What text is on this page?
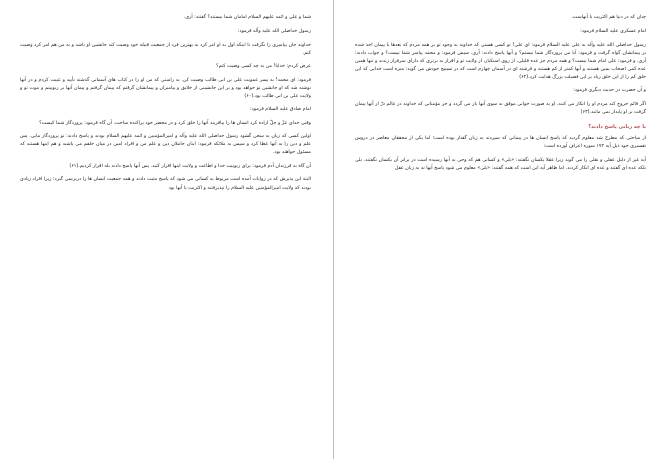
شما و علی و ائمه علیهم السلام امامان شما نیستند؟ گفتند: آری.

رسول خداصلی الله علیه وآله فرمود:

خداوند جان پیامبری را نگرفت تا اینکه اول به او امر کرد به بهترین فرد از جمعیت قبیله خود وصیت کند جانشین او باشد و به من هم امر کرد وصیت کنم.

عرض کردم: خدایا! من به چه کسی وصیت کنم؟

فرمود: ای محمد! به پسر عمویت علی بن ابی طالب وصیت کن. به راستی که من او را در کتاب های آسمانی گذشته تأیید و تثبیت کردم و در آنها نوشته شد که او جانشین تو خواهد بود و بر این جانشینی از خلایق و پیامبران و پیمانشان گرفتم که پیمان گرفتم و پیمان آنها بر ربوبیتم و نبوت تو و ولایت علی بن ابی طالب بود.(۶۰)

امام صادق علیه السلام فرمود:

وقتی خدای عزّ و جلّ اراده کرد انسان ها را بیافریند آنها را خلق کرد و در محضر خود پراکنده ساخت. آن گاه فرمود: پروردگار شما کیست؟

اولین کسی که زبان به سخن گشود رسول خداصلی الله علیه وآله و امیرالمؤمنین و ائمه علیهم السلام بودند و پاسخ دادند: تو پروردگار مایی. پس علم و دین را به آنها عطا کرد و سپس به ملائکه فرمود: اینان حاملان دین و علم من و افراد امین در میان خلقم می باشند و هم اینها هستند که مسئول خواهند بود.

آن گاه به فرزندان آدم فرمود: برای ربوبیت خدا و اطاعت و ولایت اینها اقرار کنید. پس آنها پاسخ دادند بله اقرار کردیم.(۶۱)

البته این پذیرش که در روایات آمده است مربوط به کسانی می شود که پاسخ مثبت دادند و همه جمعیت انسان ها را دربرنمی گیرد؛ زیرا افراد زیادی بودند که ولایت امیرالمؤمنین علیه السلام را نپذیرفتند و اکثریت با آنها بود

چنان که در دنیا هم اکثریت با آنهاست.

امام عسکری علیه السلام فرمود:

رسول خداصلی الله علیه وآله به علی علیه السلام فرمود: ای علی! تو کسی هستی که خداوند به وجود تو بر همه مردم که بعدها با پیمان اخذ شده بر پیمانشان گواه گرفت و فرمود: آیا من پروردگار شما نیستم؟ و آنها پاسخ دادند: آری. سپس فرمود: و محمد پیامبر شما نیست؟ و جواب دادند: آری. و فرمود: علی امام شما نیست؟ و همه مردم جز عده قلیلی، از روی استکبار، از ولایت تو و اقرار به برتری که دارای سرفراز زندند و تنها همین عده کمی اصحاب یمین هستند و آنها کمتر از کم هستند و فرشته ای در آسمان چهارم است که در تسبیح خودش می گوید: منزه است خدایی که این خلق کم را از این خلق زیاد بر این فضیلت بزرگ هدایت کرد.(۶۲)

و آن حضرت در حدیث دیگری فرمود:

اگر قائم خروج کند مردم او را انکار می کنند. او به صورت جوانی موفق به سوی آنها باز می گردد و جز مؤمنانی که خداوند در عالم ذرّ از آنها پیمان گرفت بر او پایدار نمی مانند.(۶۳)

با چه زبانی پاسخ دادند؟

از مباحثی که مطرح شد معلوم گردید که پاسخ انسان ها در پیمانی که سپردند به زبان گفتار بوده است؛ اما یکی از محققان معاصر در دروس تفسیری خود ذیل آیه ۱۷۲ سوره اعراف آورده است:

آیه غیر از دلیل عقلی و نقلی را می گوید زیرا عقلا یکسان نگفتند: «بلی» و کسانی هم که وحی به آنها رسیده است در برابر آن یکسان نگفتند. بلی بلکه عده ای گفتند و عده ای انکار کردند. اما ظاهر آیه این است که همه گفتند: «بلی» معلوم می شود پاسخ آنها نه به زبان عقل
